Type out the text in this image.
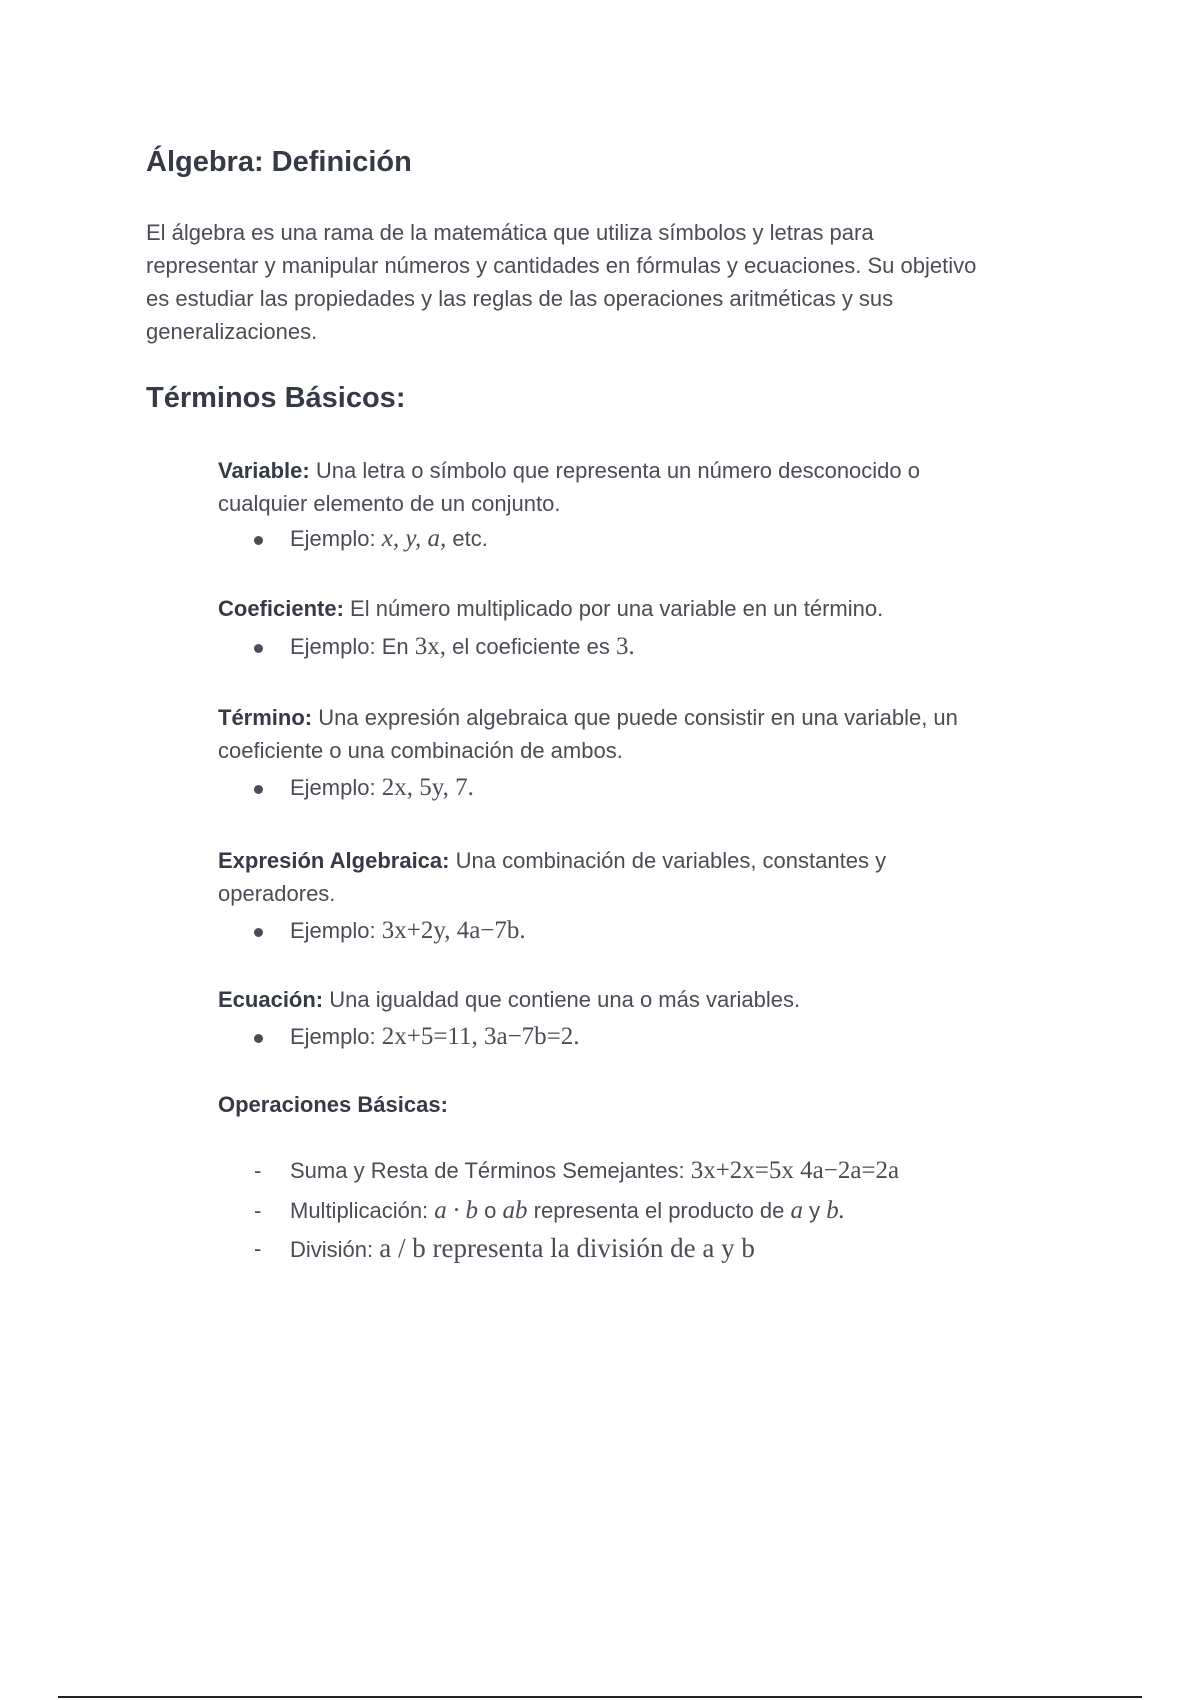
Álgebra: Definición
El álgebra es una rama de la matemática que utiliza símbolos y letras para
representar y manipular números y cantidades en fórmulas y ecuaciones. Su objetivo
es estudiar las propiedades y las reglas de las operaciones aritméticas y sus
generalizaciones.
Términos Básicos:
Variable: Una letra o símbolo que representa un número desconocido o
cualquier elemento de un conjunto.
Ejemplo: x, y, a, etc.
Coeficiente: El número multiplicado por una variable en un término.
Ejemplo: En 3x, el coeficiente es 3.
Término: Una expresión algebraica que puede consistir en una variable, un
coeficiente o una combinación de ambos.
Ejemplo: 2x, 5y, 7.
Expresión Algebraica: Una combinación de variables, constantes y
operadores.
Ejemplo: 3x+2y, 4a−7b.
Ecuación: Una igualdad que contiene una o más variables.
Ejemplo: 2x+5=11, 3a−7b=2.
Operaciones Básicas:
- Suma y Resta de Términos Semejantes: 3x+2x=5x 4a−2a=2a
- Multiplicación: a · b o ab representa el producto de a y b.
- División: a / b representa la división de a y b
